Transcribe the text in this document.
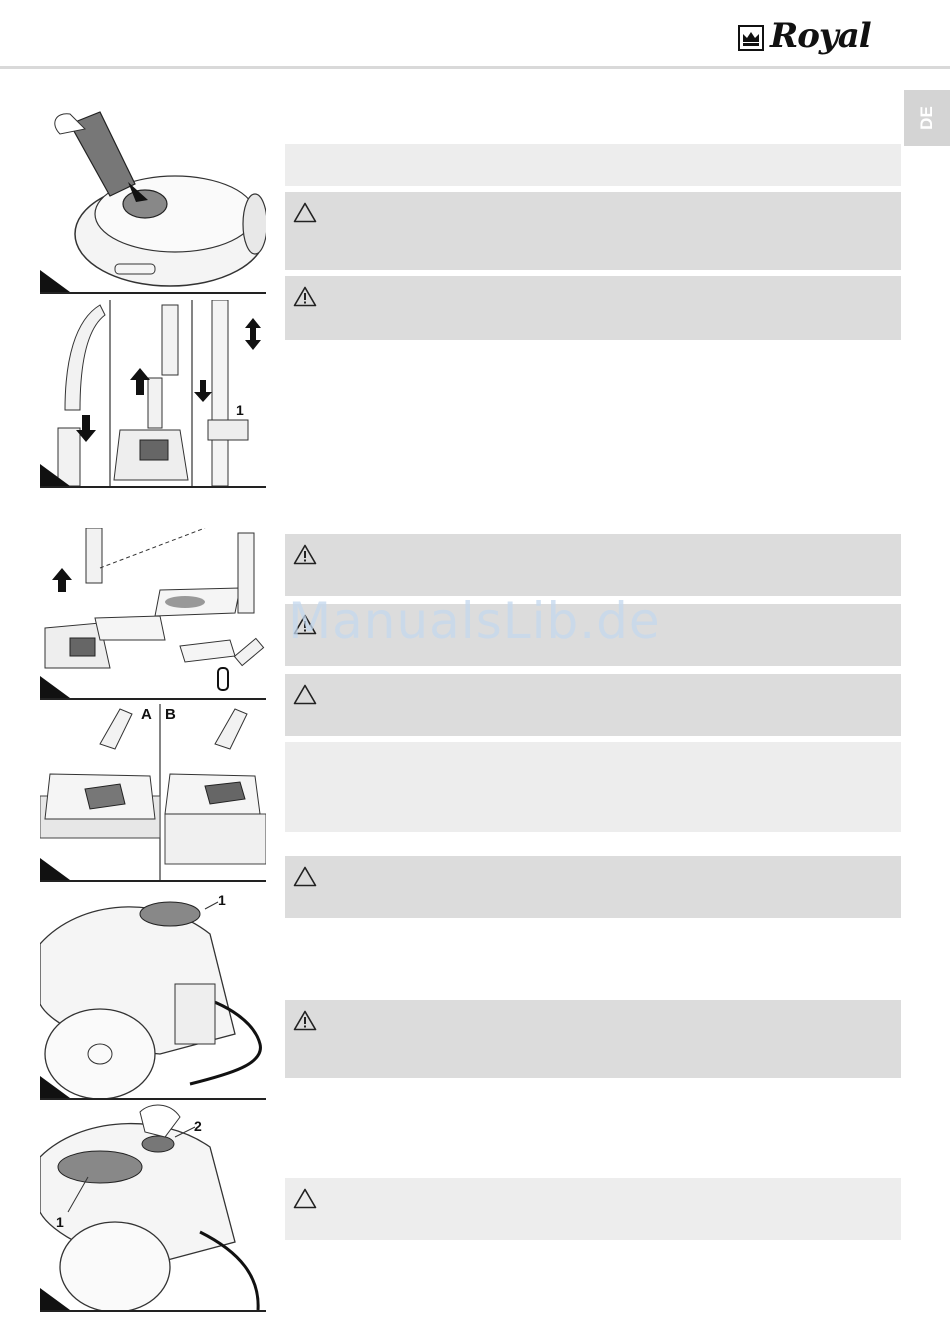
Royal
DE
1
A B
1
2
1
ManualsLib.de
